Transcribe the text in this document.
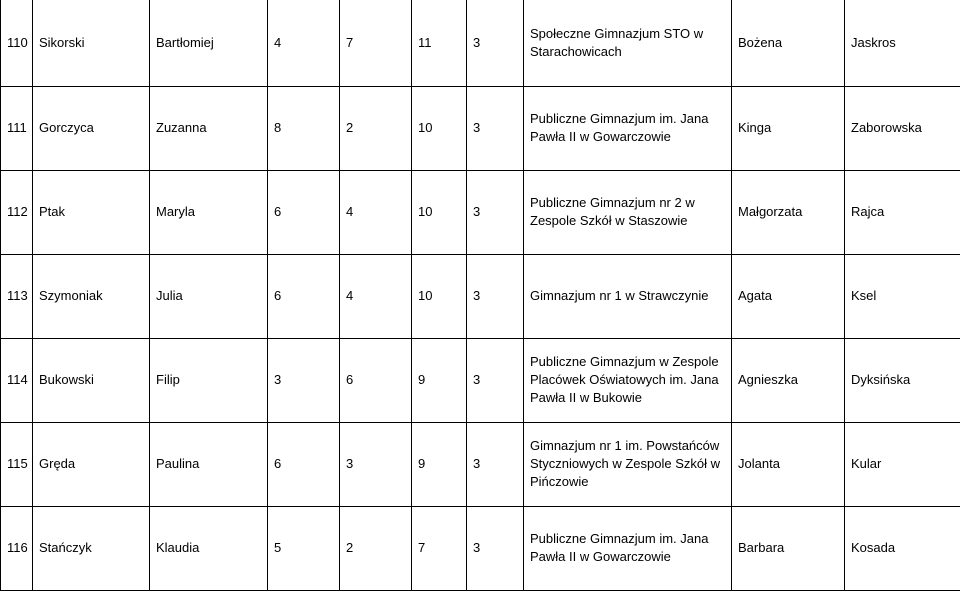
110	Sikorski	Bartłomiej	4	7	11	3	Społeczne Gimnazjum STO w Starachowicach	Bożena	Jaskros
111	Gorczyca	Zuzanna	8	2	10	3	Publiczne Gimnazjum im. Jana Pawła II w Gowarczowie	Kinga	Zaborowska
112	Ptak	Maryla	6	4	10	3	Publiczne Gimnazjum nr 2 w Zespole Szkół w Staszowie	Małgorzata	Rajca
113	Szymoniak	Julia	6	4	10	3	Gimnazjum nr 1 w Strawczynie	Agata	Ksel
114	Bukowski	Filip	3	6	9	3	Publiczne Gimnazjum w Zespole Placówek Oświatowych im. Jana Pawła II w Bukowie	Agnieszka	Dyksińska
115	Gręda	Paulina	6	3	9	3	Gimnazjum nr 1 im. Powstańców Styczniowych w Zespole Szkół w Pińczowie	Jolanta	Kular
116	Stańczyk	Klaudia	5	2	7	3	Publiczne Gimnazjum im. Jana Pawła II w Gowarczowie	Barbara	Kosada
